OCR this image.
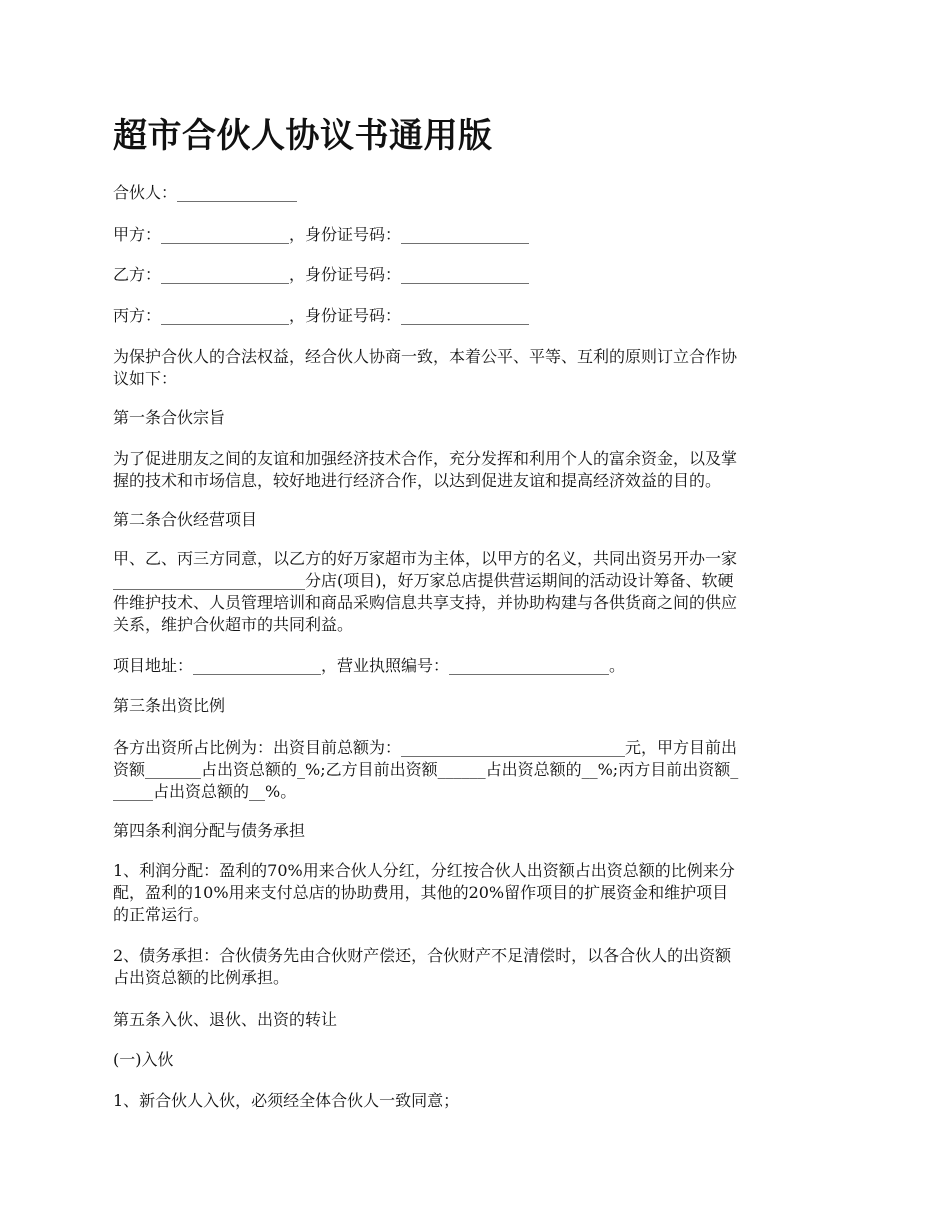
超市合伙人协议书通用版

合伙人：_______________

甲方：________________，身份证号码：________________

乙方：________________，身份证号码：________________

丙方：________________，身份证号码：________________

为保护合伙人的合法权益，经合伙人协商一致，本着公平、平等、互利的原则订立合作协
议如下：

第一条合伙宗旨

为了促进朋友之间的友谊和加强经济技术合作，充分发挥和利用个人的富余资金，以及掌
握的技术和市场信息，较好地进行经济合作，以达到促进友谊和提高经济效益的目的。

第二条合伙经营项目

甲、乙、丙三方同意，以乙方的好万家超市为主体，以甲方的名义，共同出资另开办一家
________________________分店(项目)，好万家总店提供营运期间的活动设计筹备、软硬
件维护技术、人员管理培训和商品采购信息共享支持，并协助构建与各供货商之间的供应
关系，维护合伙超市的共同利益。

项目地址：________________，营业执照编号：____________________。

第三条出资比例

各方出资所占比例为：出资目前总额为：____________________________元，甲方目前出
资额_______占出资总额的_%;乙方目前出资额______占出资总额的__%;丙方目前出资额_
_____占出资总额的__%。

第四条利润分配与债务承担

1、利润分配：盈利的70%用来合伙人分红，分红按合伙人出资额占出资总额的比例来分
配，盈利的10%用来支付总店的协助费用，其他的20%留作项目的扩展资金和维护项目
的正常运行。

2、债务承担：合伙债务先由合伙财产偿还，合伙财产不足清偿时，以各合伙人的出资额
占出资总额的比例承担。

第五条入伙、退伙、出资的转让

(一)入伙

1、新合伙人入伙，必须经全体合伙人一致同意；
